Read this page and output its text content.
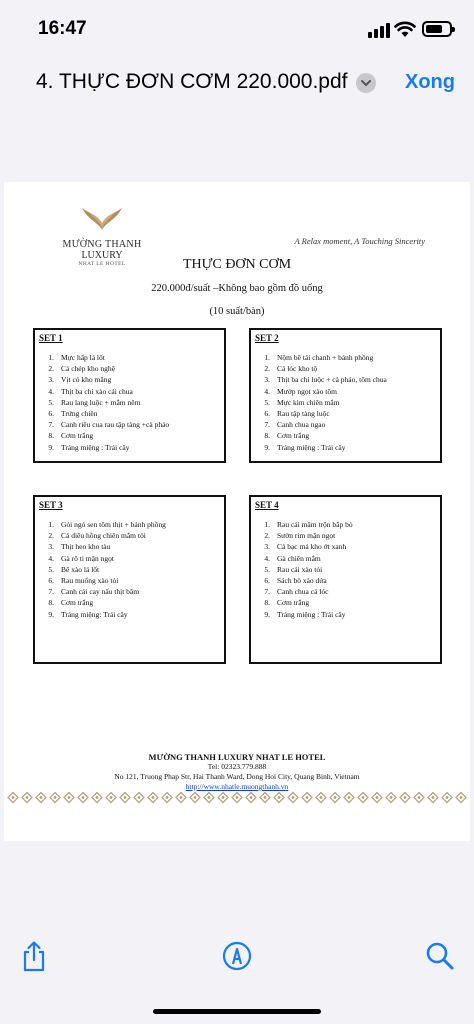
16:47
4. THỰC ĐƠN CƠM 220.000.pdf	Xong
MƯỜNG THANH
LUXURY
NHAT LE HOTEL
A Relax moment, A Touching Sincerity
THỰC ĐƠN CƠM
220.000đ/suất –Không bao gồm đồ uống
(10 suất/bàn)
SET 1
1. Mực hấp lá lốt
2. Cá chép kho nghệ
3. Vịt cỏ kho măng
4. Thịt ba chỉ xào cải chua
5. Rau lang luộc + mắm nêm
6. Trứng chiên
7. Canh riêu cua rau tập tàng +cà pháo
8. Cơm trắng
9. Tráng miệng : Trái cây
SET 2
1. Nộm bê tái chanh + bánh phồng
2. Cá lóc kho tộ
3. Thịt ba chỉ luộc + cà pháo, tôm chua
4. Mướp ngọt xào tôm
5. Mực kim chiên mắm
6. Rau tập tàng luộc
7. Canh chua ngao
8. Cơm trắng
9. Tráng miệng : Trái cây
SET 3
1. Gỏi ngó sen tôm thịt + bánh phồng
2. Cá diêu hồng chiên mắm tỏi
3. Thịt heo kho tàu
4. Gà rô ti mặn ngọt
5. Bê xào lá lốt
6. Rau muống xào tỏi
7. Canh cải cay nấu thịt băm
8. Cơm trắng
9. Tráng miệng: Trái cây
SET 4
1. Rau cải mầm trộn bắp bò
2. Sườn rim mặn ngọt
3. Cá bạc má kho ớt xanh
4. Gà chiên mắm
5. Rau cải xào tỏi
6. Sách bò xào dứa
7. Canh chua cá lóc
8. Cơm trắng
9. Tráng miệng : Trái cây
MƯỜNG THANH LUXURY NHAT LE HOTEL
Tel: 02323.779.888
No 121, Truong Phap Str, Hai Thanh Ward, Dong Hoi City, Quang Binh, Vietnam
http://www.nhatle.muongthanh.vn
